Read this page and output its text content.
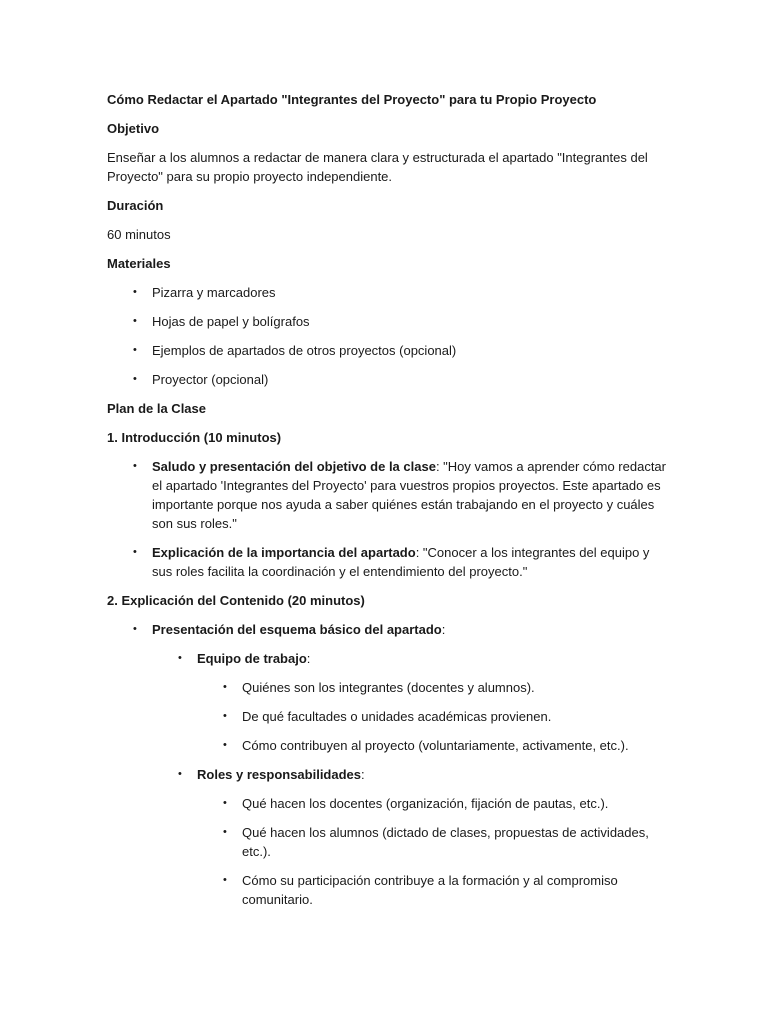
Cómo Redactar el Apartado "Integrantes del Proyecto" para tu Propio Proyecto

Objetivo

Enseñar a los alumnos a redactar de manera clara y estructurada el apartado "Integrantes del Proyecto" para su propio proyecto independiente.

Duración

60 minutos

Materiales

• Pizarra y marcadores
• Hojas de papel y bolígrafos
• Ejemplos de apartados de otros proyectos (opcional)
• Proyector (opcional)

Plan de la Clase

1. Introducción (10 minutos)

• Saludo y presentación del objetivo de la clase: "Hoy vamos a aprender cómo redactar el apartado 'Integrantes del Proyecto' para vuestros propios proyectos. Este apartado es importante porque nos ayuda a saber quiénes están trabajando en el proyecto y cuáles son sus roles."
• Explicación de la importancia del apartado: "Conocer a los integrantes del equipo y sus roles facilita la coordinación y el entendimiento del proyecto."

2. Explicación del Contenido (20 minutos)

• Presentación del esquema básico del apartado:
• Equipo de trabajo:
• Quiénes son los integrantes (docentes y alumnos).
• De qué facultades o unidades académicas provienen.
• Cómo contribuyen al proyecto (voluntariamente, activamente, etc.).
• Roles y responsabilidades:
• Qué hacen los docentes (organización, fijación de pautas, etc.).
• Qué hacen los alumnos (dictado de clases, propuestas de actividades, etc.).
• Cómo su participación contribuye a la formación y al compromiso comunitario.
